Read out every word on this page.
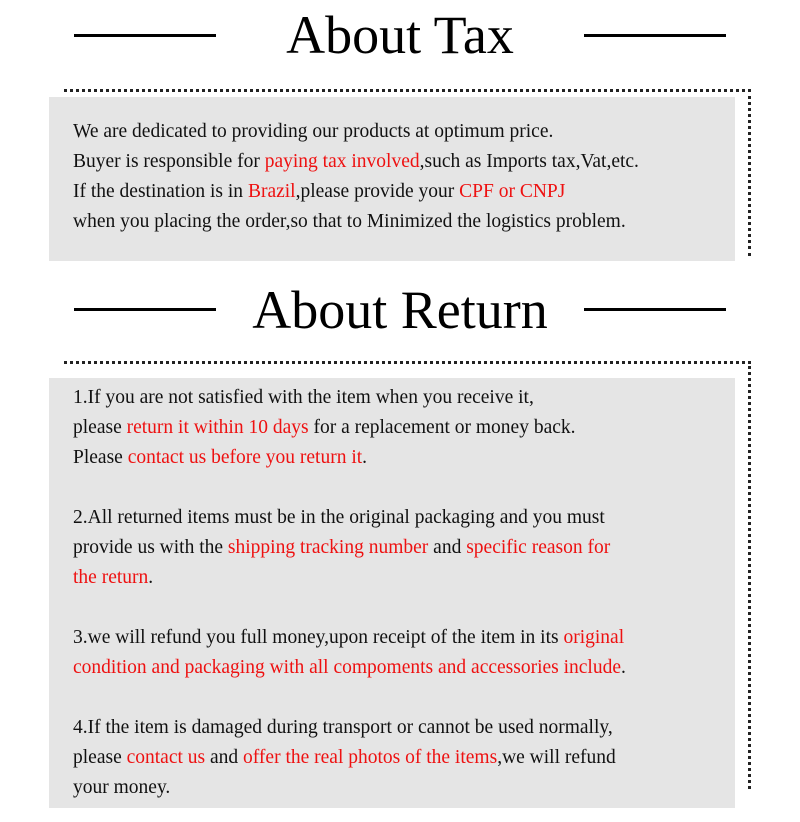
About Tax
We are dedicated to providing our products at optimum price.
Buyer is responsible for paying tax involved,such as Imports tax,Vat,etc.
If the destination is in Brazil,please provide your CPF or CNPJ
when you placing the order,so that to Minimized the logistics problem.
About Return
1.If you are not satisfied with the item when you receive it,
please return it within 10 days for a replacement or money back.
Please contact us before you return it.
2.All returned items must be in the original packaging and you must
provide us with the shipping tracking number and specific reason for
the return.
3.we will refund you full money,upon receipt of the item in its original
condition and packaging with all compoments and accessories include.
4.If the item is damaged during transport or cannot be used normally,
please contact us and offer the real photos of the items,we will refund
your money.
